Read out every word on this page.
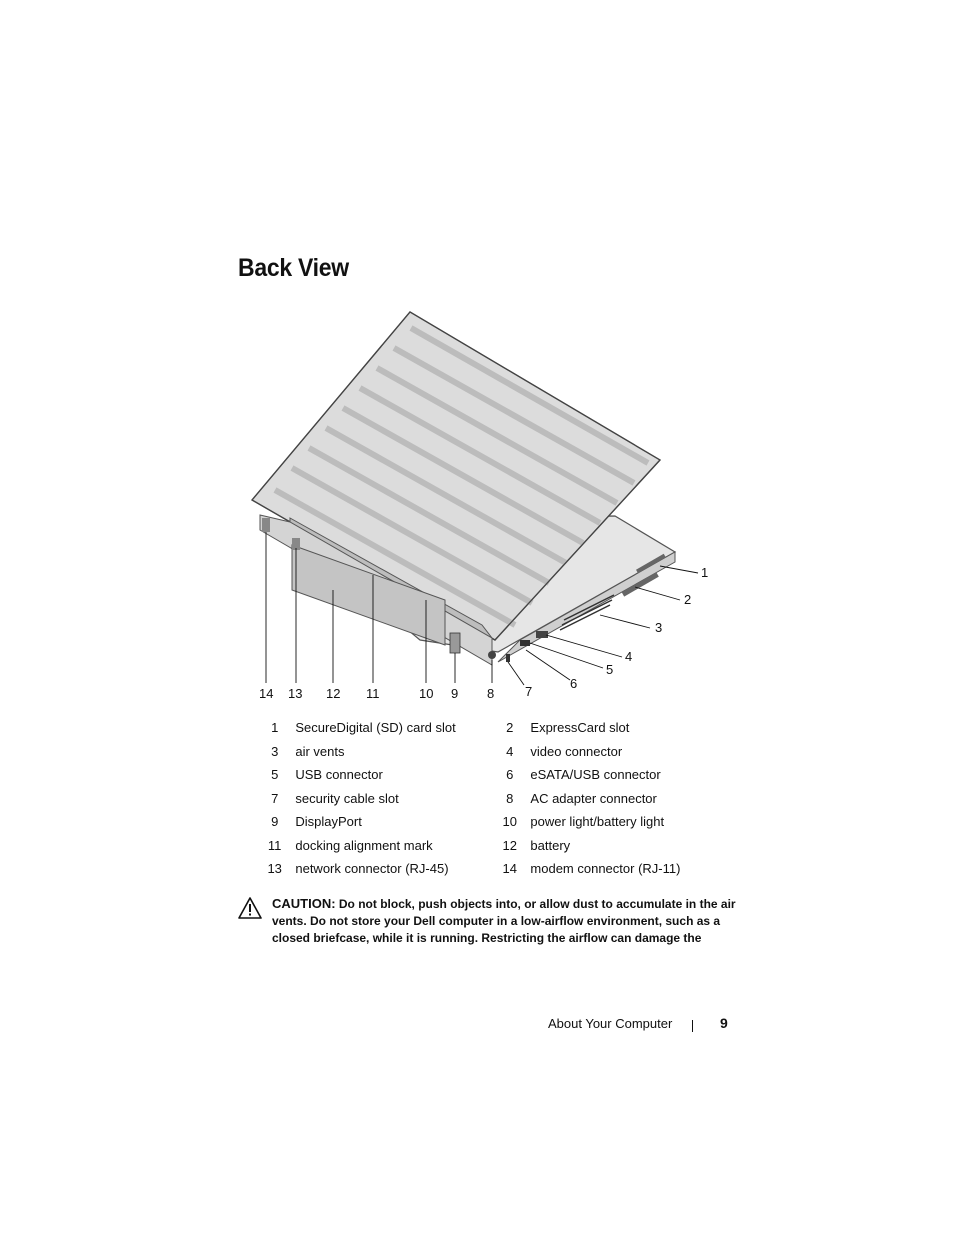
Back View
1
2
3
4
5
6
7
8
9
10
11
12
13
14
1	SecureDigital (SD) card slot	2	ExpressCard slot
3	air vents	4	video connector
5	USB connector	6	eSATA/USB connector
7	security cable slot	8	AC adapter connector
9	DisplayPort	10	power light/battery light
11	docking alignment mark	12	battery
13	network connector (RJ-45)	14	modem connector (RJ-11)
CAUTION: Do not block, push objects into, or allow dust to accumulate in the air vents. Do not store your Dell computer in a low-airflow environment, such as a closed briefcase, while it is running. Restricting the airflow can damage the
About Your Computer	9
